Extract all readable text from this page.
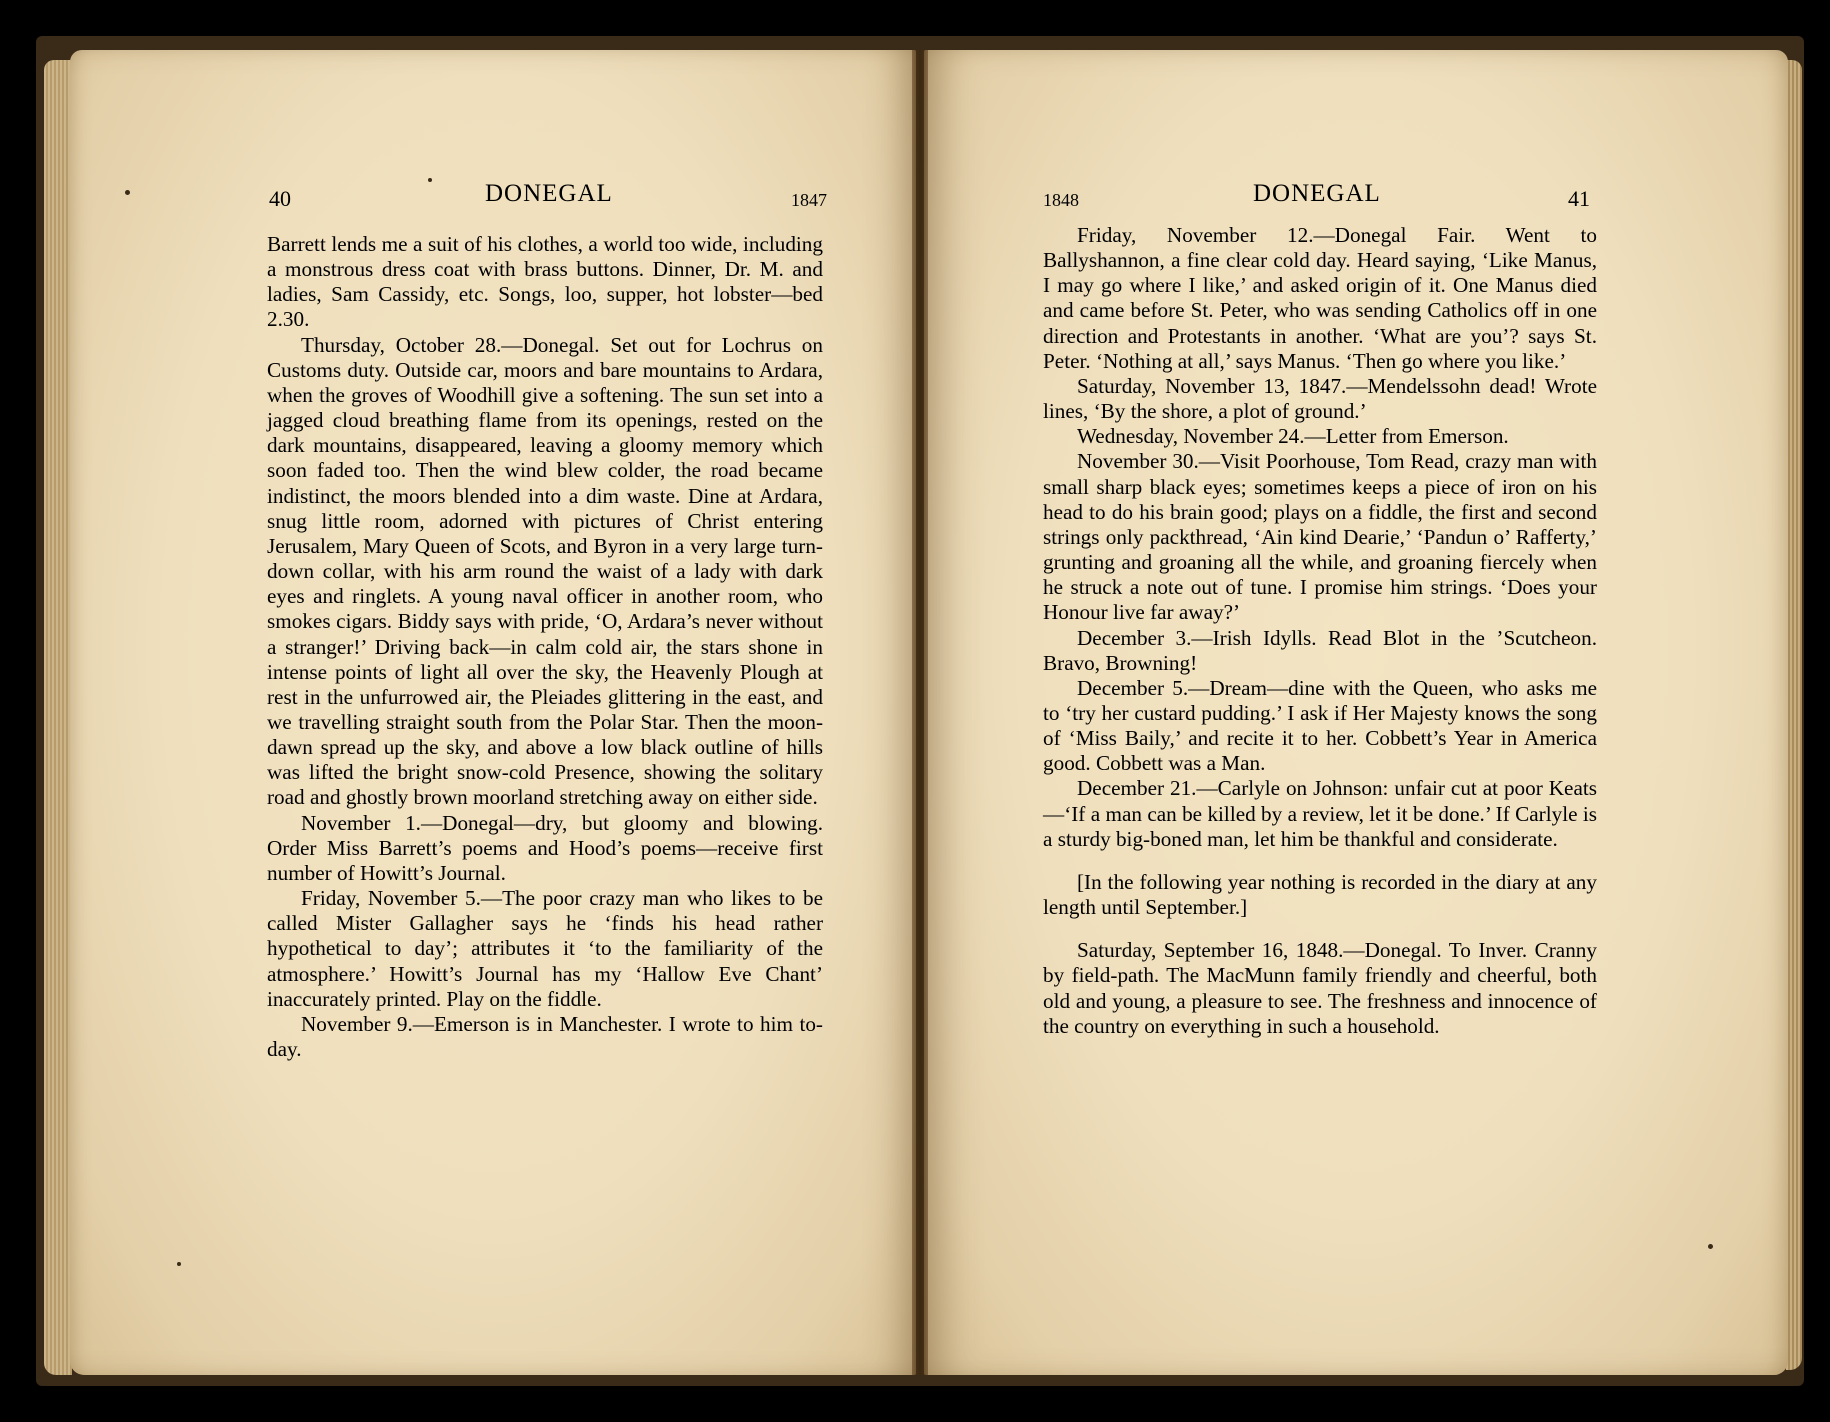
40	DONEGAL	1847	1848	DONEGAL	41

Barrett lends me a suit of his clothes, a world too wide, including a monstrous dress coat with brass buttons. Dinner, Dr. M. and ladies, Sam Cassidy, etc. Songs, loo, supper, hot lobster—bed 2.30.

Thursday, October 28.—Donegal. Set out for Lochrus on Customs duty. Outside car, moors and bare mountains to Ardara, when the groves of Woodhill give a softening. The sun set into a jagged cloud breathing flame from its openings, rested on the dark mountains, disappeared, leaving a gloomy memory which soon faded too. Then the wind blew colder, the road became indistinct, the moors blended into a dim waste. Dine at Ardara, snug little room, adorned with pictures of Christ entering Jerusalem, Mary Queen of Scots, and Byron in a very large turn-down collar, with his arm round the waist of a lady with dark eyes and ringlets. A young naval officer in another room, who smokes cigars. Biddy says with pride, ‘O, Ardara’s never without a stranger!’ Driving back—in calm cold air, the stars shone in intense points of light all over the sky, the Heavenly Plough at rest in the unfurrowed air, the Pleiades glittering in the east, and we travelling straight south from the Polar Star. Then the moon-dawn spread up the sky, and above a low black outline of hills was lifted the bright snow-cold Presence, showing the solitary road and ghostly brown moorland stretching away on either side.

November 1.—Donegal—dry, but gloomy and blowing. Order Miss Barrett’s poems and Hood’s poems—receive first number of Howitt’s Journal.

Friday, November 5.—The poor crazy man who likes to be called Mister Gallagher says he ‘finds his head rather hypothetical to day’; attributes it ‘to the familiarity of the atmosphere.’ Howitt’s Journal has my ‘Hallow Eve Chant’ inaccurately printed. Play on the fiddle.

November 9.—Emerson is in Manchester. I wrote to him to-day.

Friday, November 12.—Donegal Fair. Went to Ballyshannon, a fine clear cold day. Heard saying, ‘Like Manus, I may go where I like,’ and asked origin of it. One Manus died and came before St. Peter, who was sending Catholics off in one direction and Protestants in another. ‘What are you’? says St. Peter. ‘Nothing at all,’ says Manus. ‘Then go where you like.’

Saturday, November 13, 1847.—Mendelssohn dead! Wrote lines, ‘By the shore, a plot of ground.’

Wednesday, November 24.—Letter from Emerson.

November 30.—Visit Poorhouse, Tom Read, crazy man with small sharp black eyes; sometimes keeps a piece of iron on his head to do his brain good; plays on a fiddle, the first and second strings only packthread, ‘Ain kind Dearie,’ ‘Pandun o’ Rafferty,’ grunting and groaning all the while, and groaning fiercely when he struck a note out of tune. I promise him strings. ‘Does your Honour live far away?’

December 3.—Irish Idylls. Read Blot in the ’Scutcheon. Bravo, Browning!

December 5.—Dream—dine with the Queen, who asks me to ‘try her custard pudding.’ I ask if Her Majesty knows the song of ‘Miss Baily,’ and recite it to her. Cobbett’s Year in America good. Cobbett was a Man.

December 21.—Carlyle on Johnson: unfair cut at poor Keats—‘If a man can be killed by a review, let it be done.’ If Carlyle is a sturdy big-boned man, let him be thankful and considerate.

[In the following year nothing is recorded in the diary at any length until September.]

Saturday, September 16, 1848.—Donegal. To Inver. Cranny by field-path. The MacMunn family friendly and cheerful, both old and young, a pleasure to see. The freshness and innocence of the country on everything in such a household.
